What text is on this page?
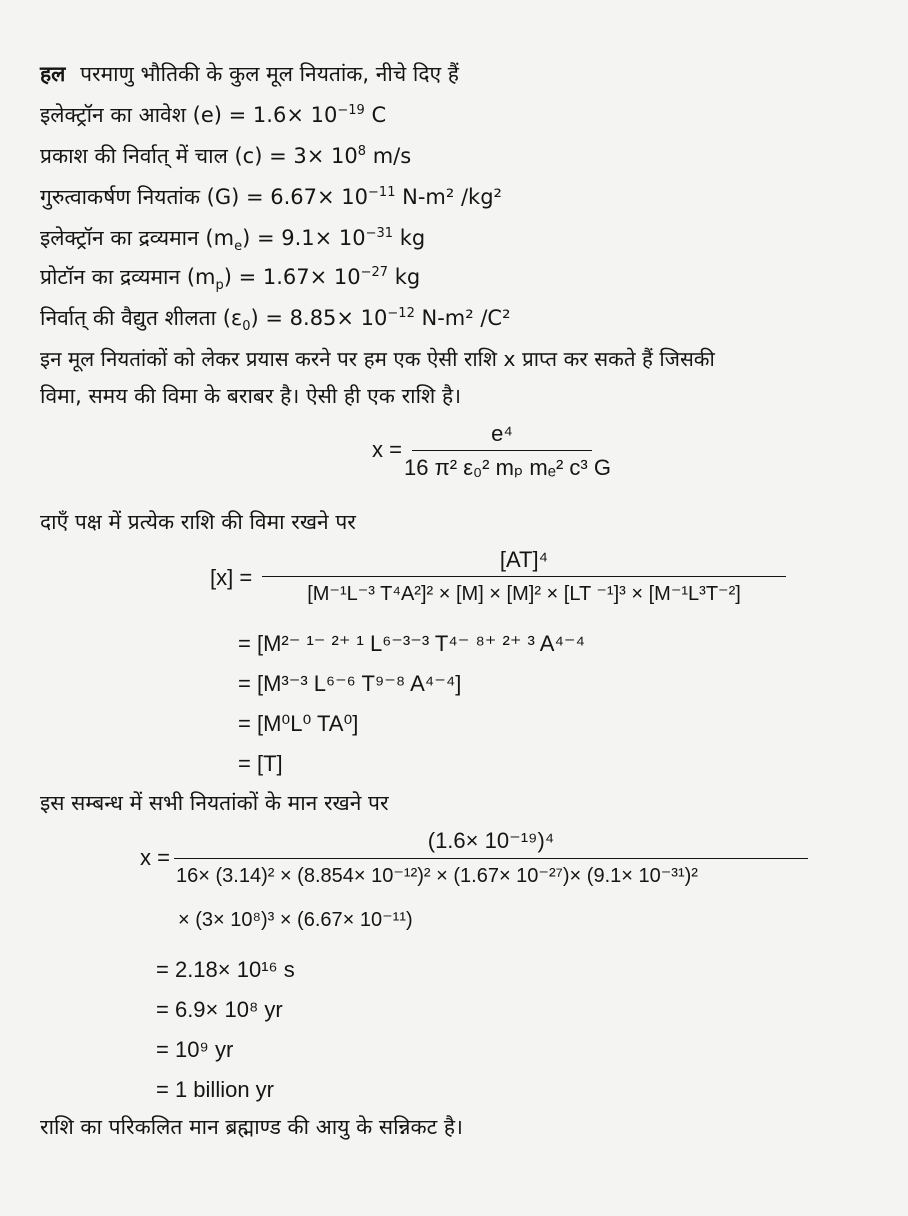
हल परमाणु भौतिकी के कुल मूल नियतांक, नीचे दिए हैं
इलेक्ट्रॉन का आवेश $(e) = 1.6\times 10^{-19}$ C
प्रकाश की निर्वात् में चाल $(c) = 3\times 10^8$ m/s
गुरुत्वाकर्षण नियतांक $(G) = 6.67\times 10^{-11}$ N-m² /kg²
इलेक्ट्रॉन का द्रव्यमान $(m_e) = 9.1\times 10^{-31}$ kg
प्रोटॉन का द्रव्यमान $(m_p) = 1.67\times 10^{-27}$ kg
निर्वात् की वैद्युत शीलता $(\varepsilon_0) = 8.85\times 10^{-12}$ N-m² /C²
इन मूल नियतांकों को लेकर प्रयास करने पर हम एक ऐसी राशि x प्राप्त कर सकते हैं जिसकी
विमा, समय की विमा के बराबर है। ऐसी ही एक राशि है।
x =
e⁴
16 π² ε₀² mₚ mₑ² c³ G
दाएँ पक्ष में प्रत्येक राशि की विमा रखने पर
[x] =
[AT]⁴
[M⁻¹L⁻³ T⁴A²]² × [M] × [M]² × [LT ⁻¹]³ × [M⁻¹L³T⁻²]
= [M²⁻ ¹⁻ ²⁺ ¹ L⁶⁻³⁻³ T⁴⁻ ⁸⁺ ²⁺ ³ A⁴⁻⁴
= [M³⁻³ L⁶⁻⁶ T⁹⁻⁸ A⁴⁻⁴]
= [M⁰L⁰ TA⁰]
= [T]
इस सम्बन्ध में सभी नियतांकों के मान रखने पर
x =
(1.6× 10⁻¹⁹)⁴
16× (3.14)² × (8.854× 10⁻¹²)² × (1.67× 10⁻²⁷)× (9.1× 10⁻³¹)²
× (3× 10⁸)³ × (6.67× 10⁻¹¹)
= 2.18× 10¹⁶ s
= 6.9× 10⁸ yr
= 10⁹ yr
= 1 billion yr
राशि का परिकलित मान ब्रह्माण्ड की आयु के सन्निकट है।
